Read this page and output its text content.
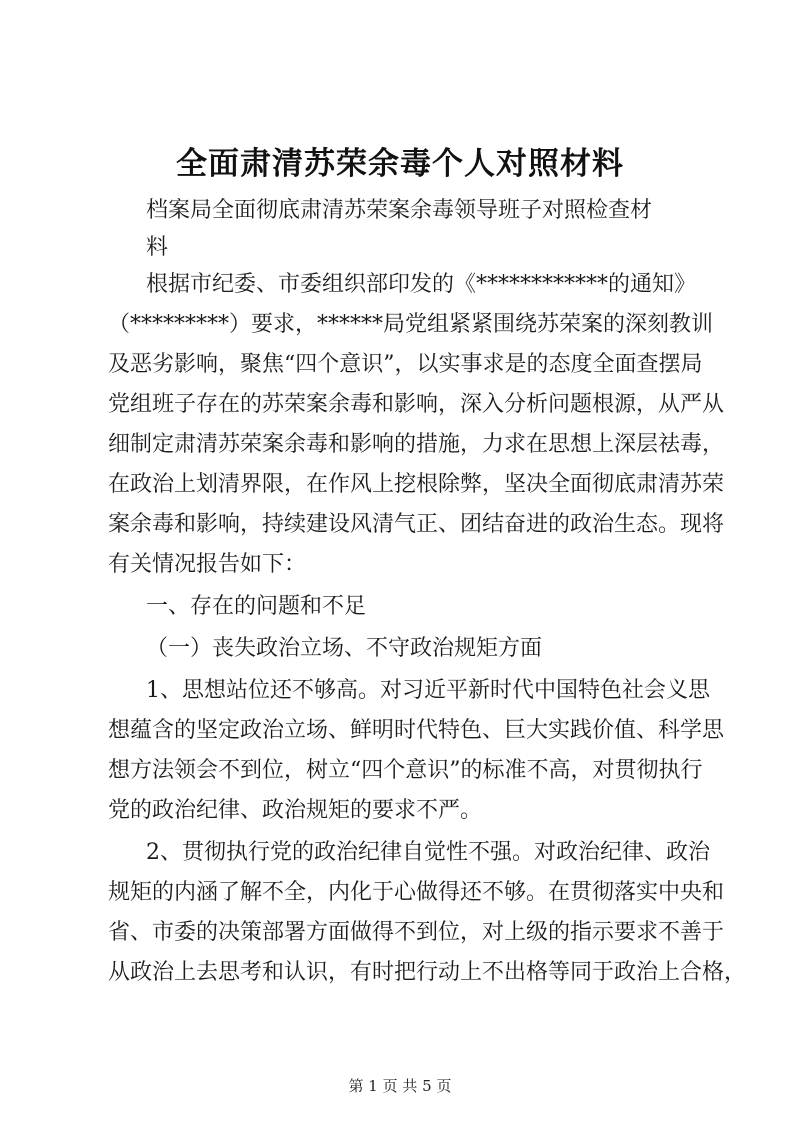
全面肃清苏荣余毒个人对照材料
档案局全面彻底肃清苏荣案余毒领导班子对照检查材
料
根据市纪委、市委组织部印发的《************的通知》
（*********）要求，******局党组紧紧围绕苏荣案的深刻教训
及恶劣影响，聚焦“四个意识”，以实事求是的态度全面查摆局
党组班子存在的苏荣案余毒和影响，深入分析问题根源，从严从
细制定肃清苏荣案余毒和影响的措施，力求在思想上深层祛毒，
在政治上划清界限，在作风上挖根除弊，坚决全面彻底肃清苏荣
案余毒和影响，持续建设风清气正、团结奋进的政治生态。现将
有关情况报告如下：
一、存在的问题和不足
（一）丧失政治立场、不守政治规矩方面
1、思想站位还不够高。对习近平新时代中国特色社会义思
想蕴含的坚定政治立场、鲜明时代特色、巨大实践价值、科学思
想方法领会不到位，树立“四个意识”的标准不高，对贯彻执行
党的政治纪律、政治规矩的要求不严。
2、贯彻执行党的政治纪律自觉性不强。对政治纪律、政治
规矩的内涵了解不全，内化于心做得还不够。在贯彻落实中央和
省、市委的决策部署方面做得不到位，对上级的指示要求不善于
从政治上去思考和认识，有时把行动上不出格等同于政治上合格，
第 1 页 共 5 页
